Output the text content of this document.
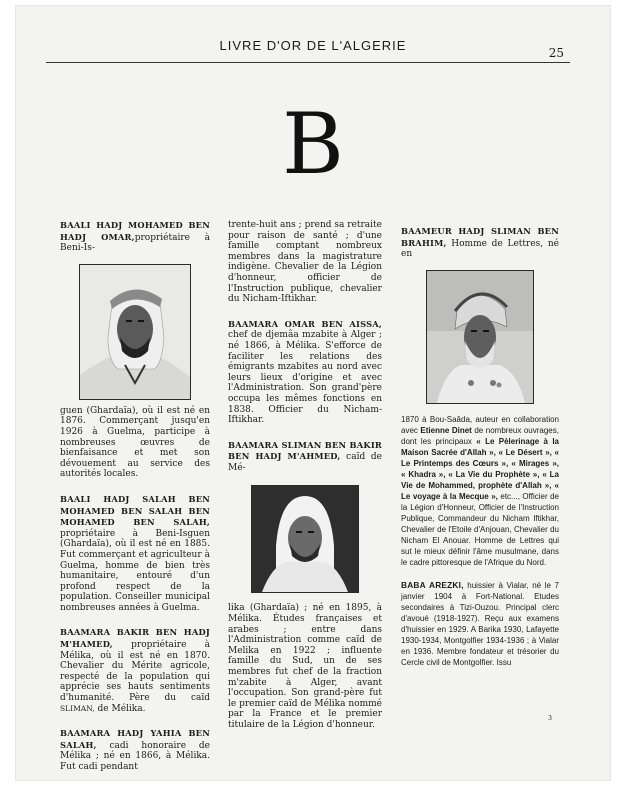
LIVRE D'OR DE L'ALGERIE	25
B

BAALI HADJ MOHAMED BEN HADJ OMAR,propriétaire à Beni-Is-

guen (Ghardaïa), où il est né en 1876. Commerçant jusqu'en 1926 à Guelma, participe à nombreuses œuvres de bienfaisance et met son dévouement au service des autorités locales.

BAALI HADJ SALAH BEN MOHAMED BEN SALAH BEN MOHAMED BEN SALAH, propriétaire à Beni-Isguen (Ghardaïa), où il est né en 1885. Fut commerçant et agriculteur à Guelma, homme de bien très humanitaire, entouré d'un profond respect de la population. Conseiller municipal nombreuses années à Guelma.

BAAMARA BAKIR BEN HADJ M'HAMED, propriétaire à Mélika, où il est né en 1870. Chevalier du Mérite agricole, respecté de la population qui apprécie ses hauts sentiments d'humanité. Père du caïd SLIMAN, de Mélika.

BAAMARA HADJ YAHIA BEN SALAH, cadi honoraire de Mélika ; né en 1866, à Mélika. Fut cadi pendant

trente-huit ans ; prend sa retraite pour raison de santé ; d'une famille comptant nombreux membres dans la magistrature indigène. Chevalier de la Légion d'honneur, officier de l'Instruction publique, chevalier du Nicham-Iftikhar.

BAAMARA OMAR BEN AISSA, chef de djemâa mzabite à Alger ; né 1866, à Mélika. S'efforce de faciliter les relations des émigrants mzabites au nord avec leurs lieux d'origine et avec l'Administration. Son grand'père occupa les mêmes fonctions en 1838. Officier du Nicham-Iftikhar.

BAAMARA SLIMAN BEN BAKIR BEN HADJ M'AHMED, caïd de Mé-

lika (Ghardaïa) ; né en 1895, à Mélika. Études françaises et arabes ; entre dans l'Administration comme caïd de Melika en 1922 ; influente famille du Sud, un de ses membres fut chef de la fraction m'zabite à Alger, avant l'occupation. Son grand-père fut le premier caïd de Mélika nommé par la France et le premier titulaire de la Légion d'honneur.

BAAMEUR HADJ SLIMAN BEN BRAHIM, Homme de Lettres, né en

1870 à Bou-Saâda, auteur en collaboration avec Etienne Dinet de nombreux ouvrages, dont les principaux « Le Pèlerinage à la Maison Sacrée d'Allah », « Le Désert », « Le Printemps des Cœurs », « Mirages », « Khadra », « La Vie du Prophète », « La Vie de Mohammed, prophète d'Allah », « Le voyage à la Mecque », etc..., Officier de la Légion d'Honneur, Officier de l'Instruction Publique, Commandeur du Nicham Iftikhar, Chevalier de l'Etoile d'Anjouan, Chevalier du Nicham El Anouar. Homme de Lettres qui sut le mieux définir l'âme musulmane, dans le cadre pittoresque de l'Afrique du Nord.

BABA AREZKI, huissier à Vialar, né le 7 janvier 1904 à Fort-National. Etudes secondaires à Tizi-Ouzou. Principal clerc d'avoué (1918-1927). Reçu aux examens d'huissier en 1929. A Barika 1930, Lafayette 1930-1934, Montgolfier 1934-1936 ; à Vialar en 1936. Membre fondateur et trésorier du Cercle civil de Montgolfier. Issu

3
